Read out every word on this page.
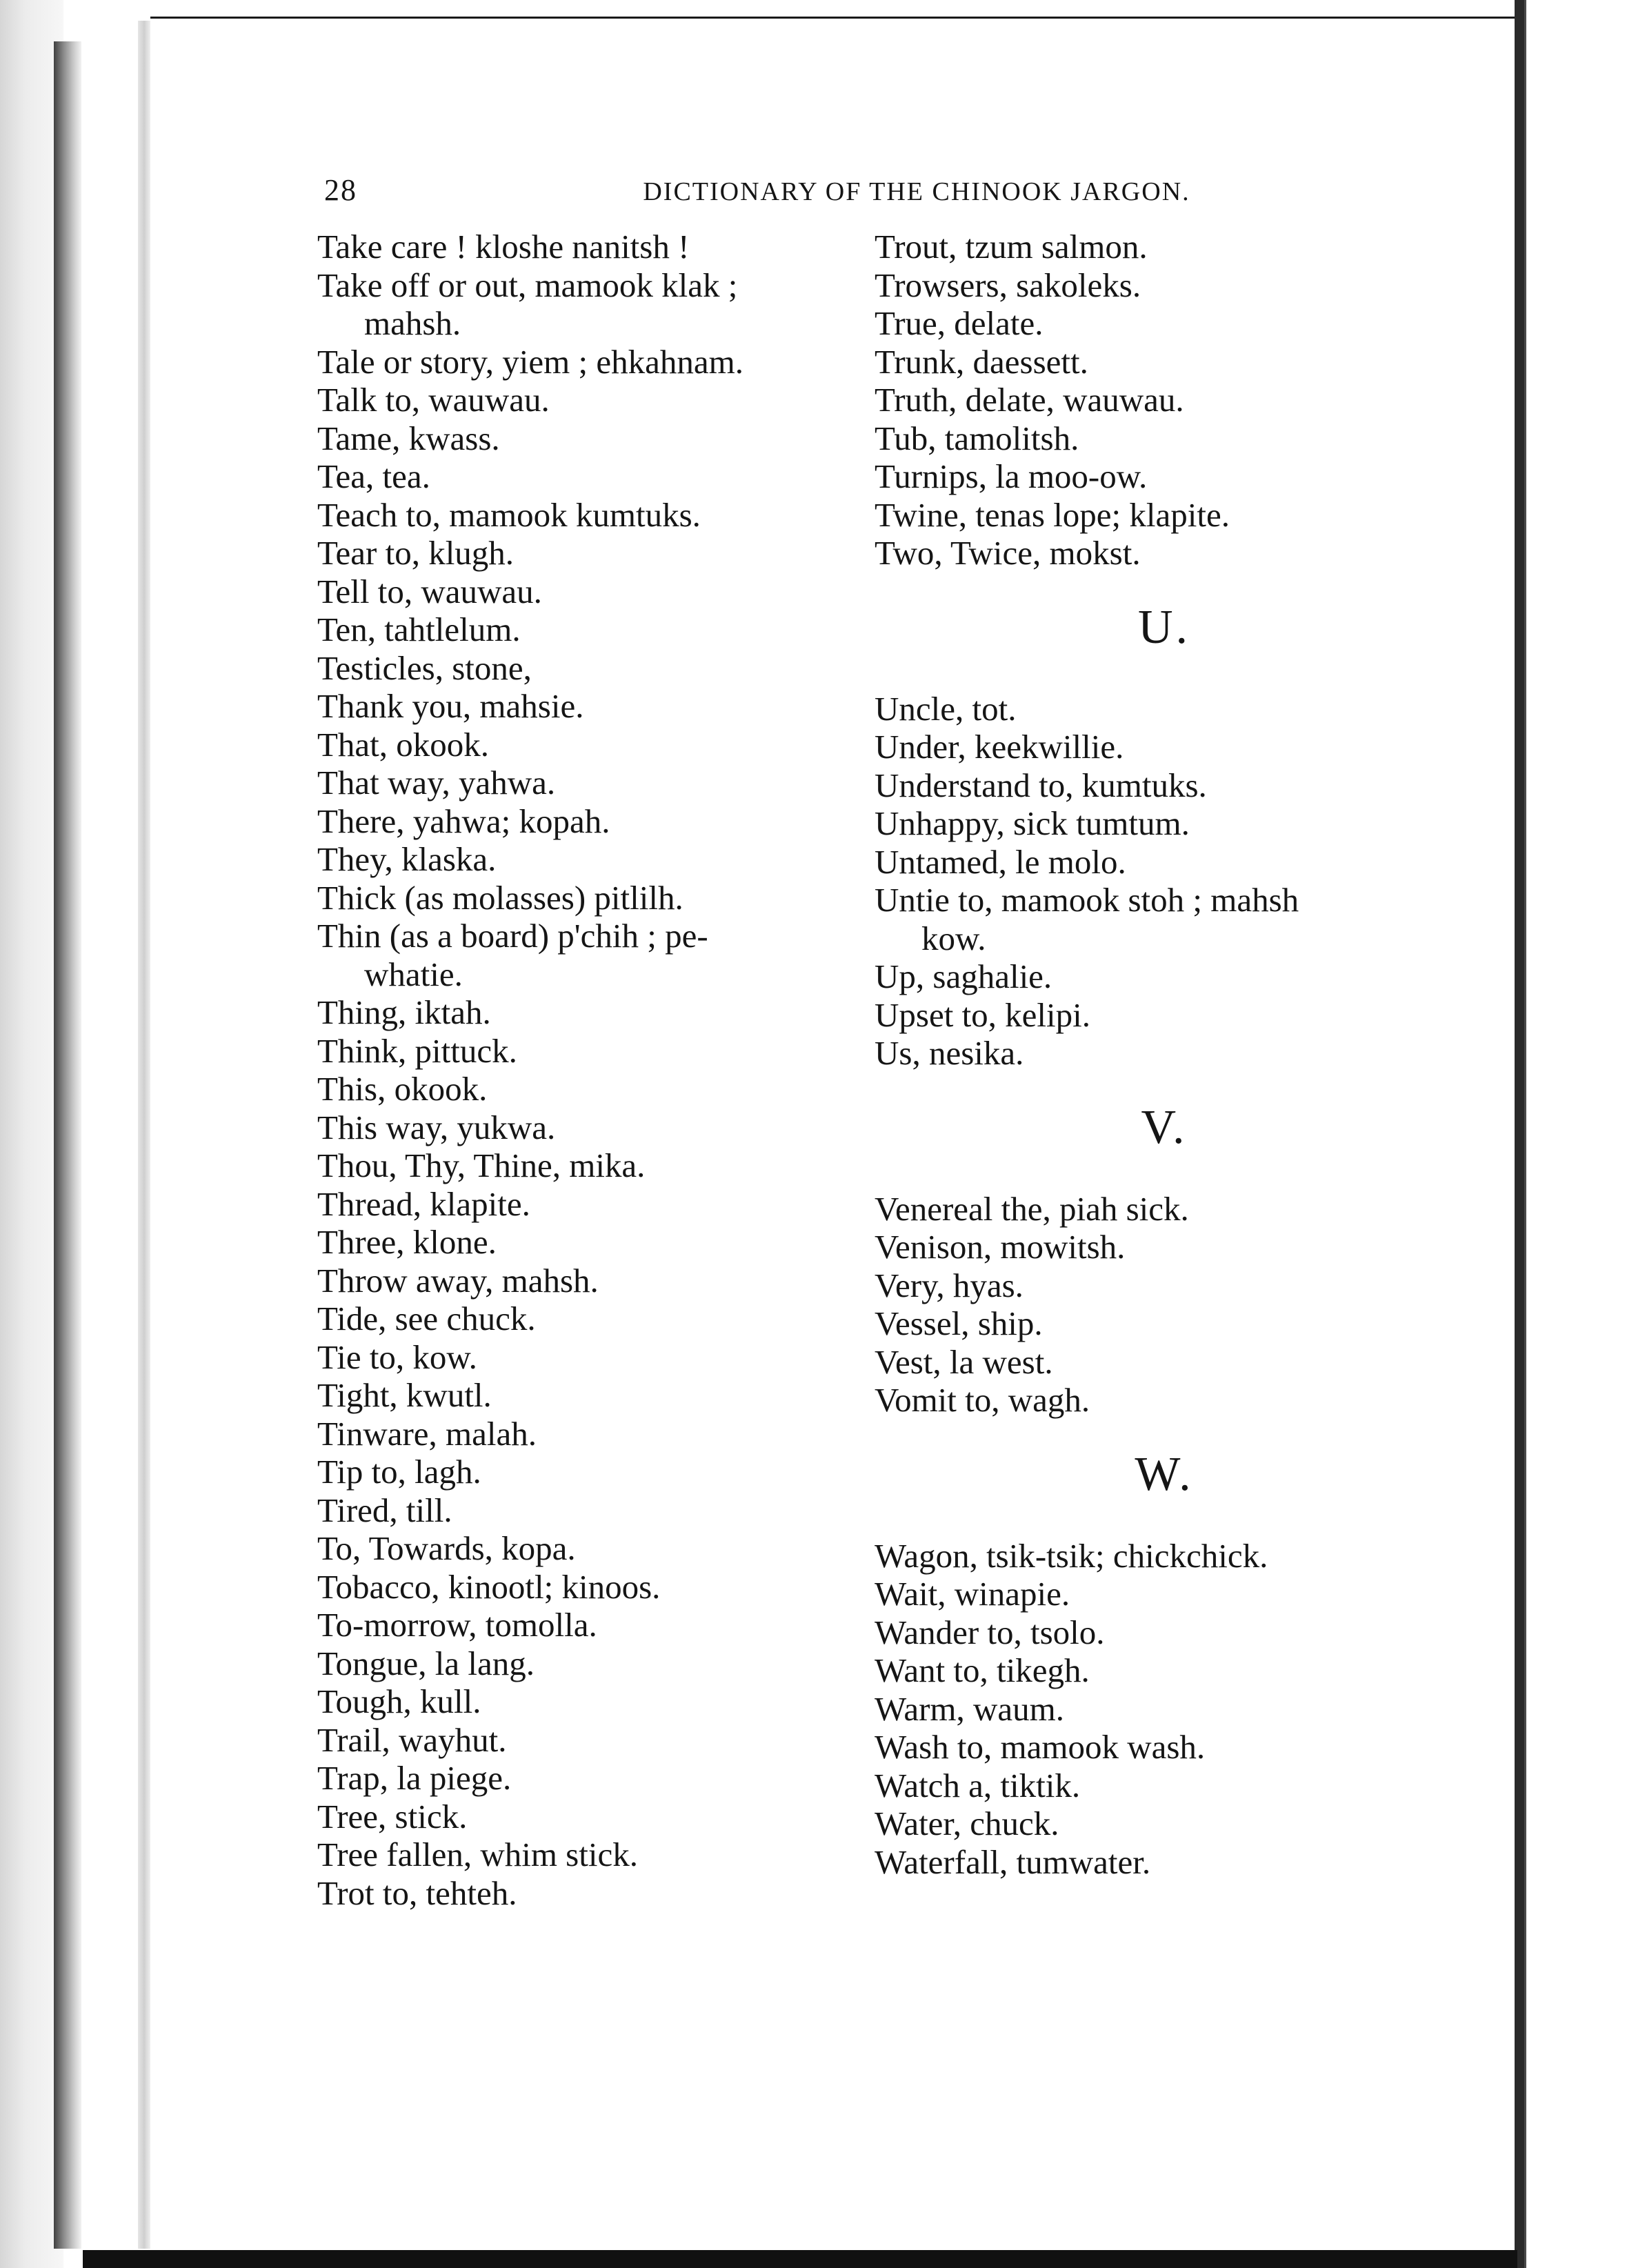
28	DICTIONARY OF THE CHINOOK JARGON.
Take care ! kloshe nanitsh !
Take off or out, mamook klak ;
mahsh.
Tale or story, yiem ; ehkahnam.
Talk to, wauwau.
Tame, kwass.
Tea, tea.
Teach to, mamook kumtuks.
Tear to, klugh.
Tell to, wauwau.
Ten, tahtlelum.
Testicles, stone,
Thank you, mahsie.
That, okook.
That way, yahwa.
There, yahwa; kopah.
They, klaska.
Thick (as molasses) pitlilh.
Thin (as a board) p'chih ; pe-
whatie.
Thing, iktah.
Think, pittuck.
This, okook.
This way, yukwa.
Thou, Thy, Thine, mika.
Thread, klapite.
Three, klone.
Throw away, mahsh.
Tide, see chuck.
Tie to, kow.
Tight, kwutl.
Tinware, malah.
Tip to, lagh.
Tired, till.
To, Towards, kopa.
Tobacco, kinootl; kinoos.
To-morrow, tomolla.
Tongue, la lang.
Tough, kull.
Trail, wayhut.
Trap, la piege.
Tree, stick.
Tree fallen, whim stick.
Trot to, tehteh.
Trout, tzum salmon.
Trowsers, sakoleks.
True, delate.
Trunk, daessett.
Truth, delate, wauwau.
Tub, tamolitsh.
Turnips, la moo-ow.
Twine, tenas lope; klapite.
Two, Twice, mokst.
U.
Uncle, tot.
Under, keekwillie.
Understand to, kumtuks.
Unhappy, sick tumtum.
Untamed, le molo.
Untie to, mamook stoh ; mahsh
kow.
Up, saghalie.
Upset to, kelipi.
Us, nesika.
V.
Venereal the, piah sick.
Venison, mowitsh.
Very, hyas.
Vessel, ship.
Vest, la west.
Vomit to, wagh.
W.
Wagon, tsik-tsik; chickchick.
Wait, winapie.
Wander to, tsolo.
Want to, tikegh.
Warm, waum.
Wash to, mamook wash.
Watch a, tiktik.
Water, chuck.
Waterfall, tumwater.
